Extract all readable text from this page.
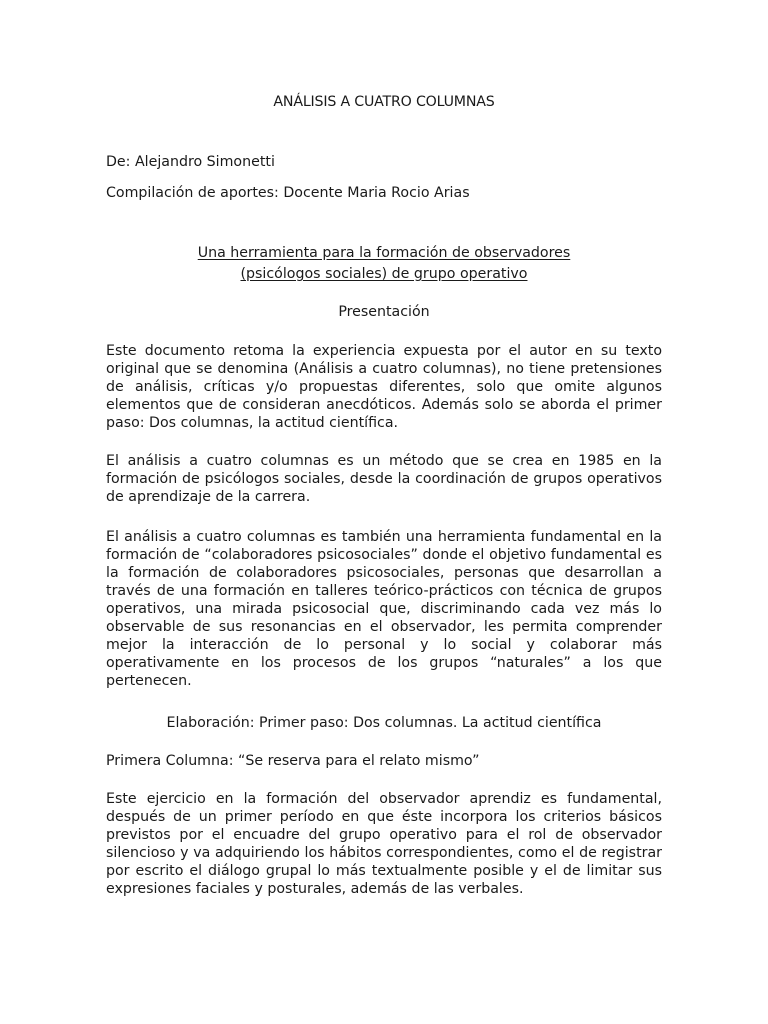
ANÁLISIS A CUATRO COLUMNAS
De: Alejandro Simonetti
Compilación de aportes: Docente Maria Rocio Arias
Una herramienta para la formación de observadores
(psicólogos sociales) de grupo operativo
Presentación

Este documento retoma la experiencia expuesta por el autor en su texto original que se denomina (Análisis a cuatro columnas), no tiene pretensiones de análisis, críticas y/o propuestas diferentes, solo que omite algunos elementos que de consideran anecdóticos. Además solo se aborda el primer paso: Dos columnas, la actitud científica.

El análisis a cuatro columnas es un método que se crea en 1985 en la formación de psicólogos sociales, desde la coordinación de grupos operativos de aprendizaje de la carrera.

El análisis a cuatro columnas es también una herramienta fundamental en la formación de “colaboradores psicosociales” donde el objetivo fundamental es la formación de colaboradores psicosociales, personas que desarrollan a través de una formación en talleres teórico-prácticos con técnica de grupos operativos, una mirada psicosocial que, discriminando cada vez más lo observable de sus resonancias en el observador, les permita comprender mejor la interacción de lo personal y lo social y colaborar más operativamente en los procesos de los grupos “naturales” a los que pertenecen.

Elaboración: Primer paso: Dos columnas. La actitud científica
Primera Columna: “Se reserva para el relato mismo”

Este ejercicio en la formación del observador aprendiz es fundamental, después de un primer período en que éste incorpora los criterios básicos previstos por el encuadre del grupo operativo para el rol de observador silencioso y va adquiriendo los hábitos correspondientes, como el de registrar por escrito el diálogo grupal lo más textualmente posible y el de limitar sus expresiones faciales y posturales, además de las verbales.
